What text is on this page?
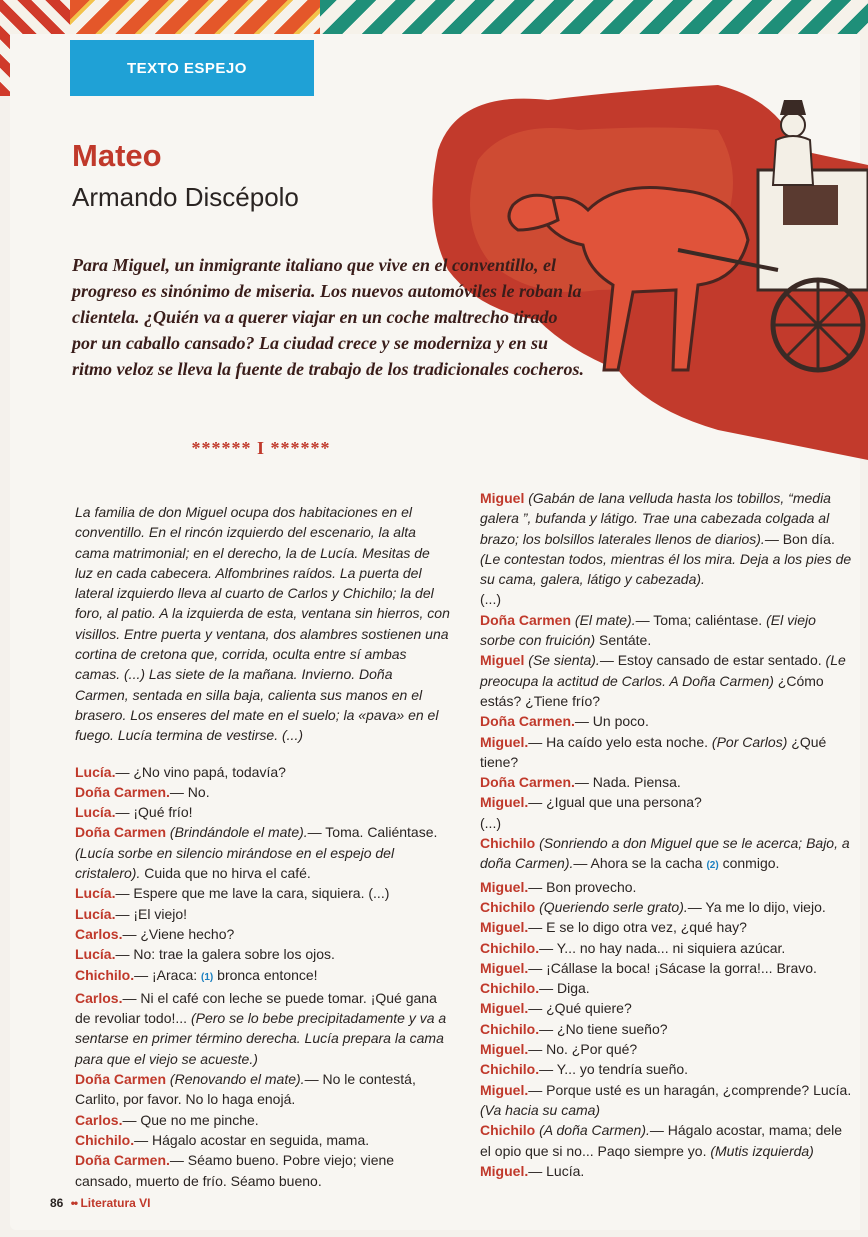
TEXTO ESPEJO
Mateo
Armando Discépolo
Para Miguel, un inmigrante italiano que vive en el conventillo, el progreso es sinónimo de miseria. Los nuevos automóviles le roban la clientela. ¿Quién va a querer viajar en un coche maltrecho tirado por un caballo cansado? La ciudad crece y se moderniza y en su ritmo veloz se lleva la fuente de trabajo de los tradicionales cocheros.
****** I ******

La familia de don Miguel ocupa dos habitaciones en el conventillo. En el rincón izquierdo del escenario, la alta cama matrimonial; en el derecho, la de Lucía. Mesitas de luz en cada cabecera. Alfombrines raídos. La puerta del lateral izquierdo lleva al cuarto de Carlos y Chichilo; la del foro, al patio. A la izquierda de esta, ventana sin hierros, con visillos. Entre puerta y ventana, dos alambres sostienen una cortina de cretona que, corrida, oculta entre sí ambas camas. (...) Las siete de la mañana. Invierno. Doña Carmen, sentada en silla baja, calienta sus manos en el brasero. Los enseres del mate en el suelo; la «pava» en el fuego. Lucía termina de vestirse. (...)

Lucía.— ¿No vino papá, todavía?

Doña Carmen.— No.

Lucía.— ¡Qué frío!

Doña Carmen (Brindándole el mate).— Toma. Caliéntase. (Lucía sorbe en silencio mirándose en el espejo del cristalero). Cuida que no hirva el café.

Lucía.— Espere que me lave la cara, siquiera. (...)

Lucía.— ¡El viejo!

Carlos.— ¿Viene hecho?

Lucía.— No: trae la galera sobre los ojos.

Chichilo.— ¡Araca: (1) bronca entonce!

Carlos.— Ni el café con leche se puede tomar. ¡Qué gana de revoliar todo!... (Pero se lo bebe precipitadamente y va a sentarse en primer término derecha. Lucía prepara la cama para que el viejo se acueste.)

Doña Carmen (Renovando el mate).— No le contestá, Carlito, por favor. No lo haga enojá.

Carlos.— Que no me pinche.

Chichilo.— Hágalo acostar en seguida, mama.

Doña Carmen.— Séamo bueno. Pobre viejo; viene cansado, muerto de frío. Séamo bueno.

Miguel (Gabán de lana velluda hasta los tobillos, “media galera ”, bufanda y látigo. Trae una cabezada colgada al brazo; los bolsillos laterales llenos de diarios).— Bon día. (Le contestan todos, mientras él los mira. Deja a los pies de su cama, galera, látigo y cabezada).

(...)

Doña Carmen (El mate).— Toma; caliéntase. (El viejo sorbe con fruición) Sentáte.

Miguel (Se sienta).— Estoy cansado de estar sentado. (Le preocupa la actitud de Carlos. A Doña Carmen) ¿Cómo estás? ¿Tiene frío?

Doña Carmen.— Un poco.

Miguel.— Ha caído yelo esta noche. (Por Carlos) ¿Qué tiene?

Doña Carmen.— Nada. Piensa.

Miguel.— ¿Igual que una persona?

(...)

Chichilo (Sonriendo a don Miguel que se le acerca; Bajo, a doña Carmen).— Ahora se la cacha (2) conmigo.

Miguel.— Bon provecho.

Chichilo (Queriendo serle grato).— Ya me lo dijo, viejo.

Miguel.— E se lo digo otra vez, ¿qué hay?

Chichilo.— Y... no hay nada... ni siquiera azúcar.

Miguel.— ¡Cállase la boca! ¡Sácase la gorra!... Bravo.

Chichilo.— Diga.

Miguel.— ¿Qué quiere?

Chichilo.— ¿No tiene sueño?

Miguel.— No. ¿Por qué?

Chichilo.— Y... yo tendría sueño.

Miguel.— Porque usté es un haragán, ¿comprende? Lucía. (Va hacia su cama)

Chichilo (A doña Carmen).— Hágalo acostar, mama; dele el opio que si no... Paqo siempre yo. (Mutis izquierda)

Miguel.— Lucía.

86 •• Literatura VI
